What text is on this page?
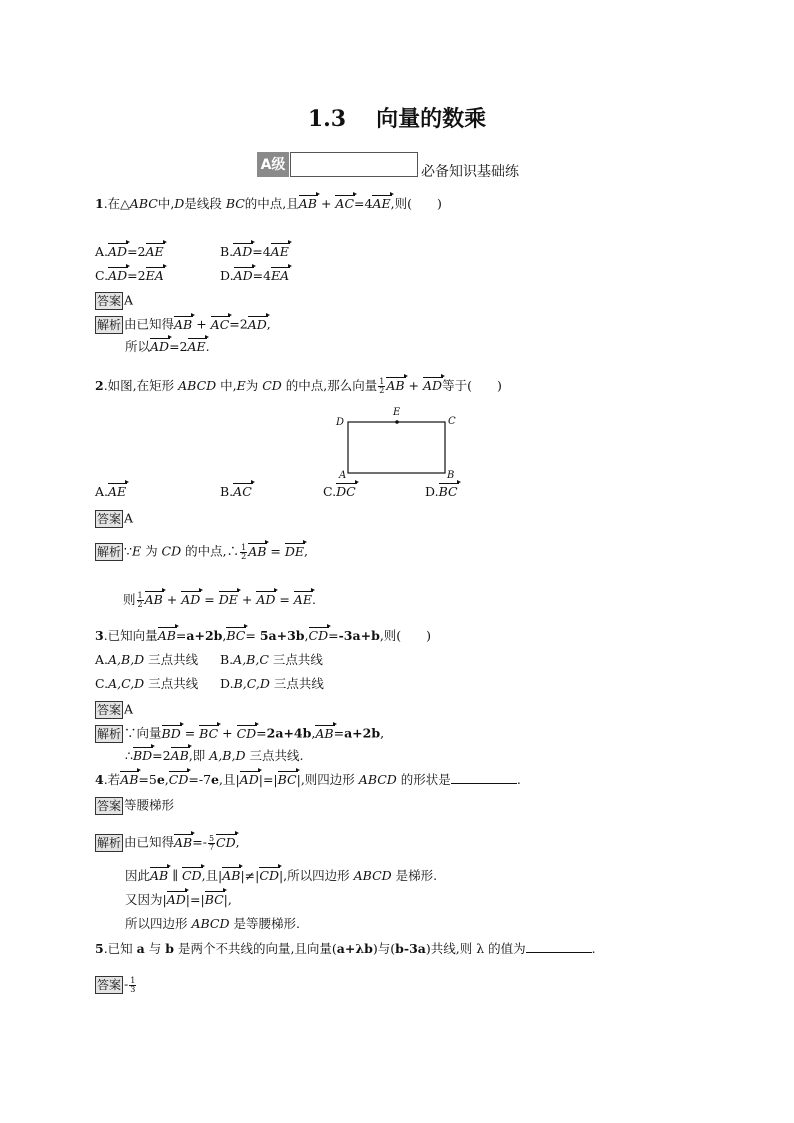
1.3 向量的数乘
A级	必备知识基础练
1.在△ABC中,D是线段 BC的中点,且AB + AC=4AE,则(　　)
A.AD=2AE	B.AD=4AE
C.AD=2EA	D.AD=4EA
答案 A
解析 由已知得AB + AC=2AD,
所以AD=2AE.
2.如图,在矩形 ABCD 中,E为 CD 的中点,那么向量 $\frac{1}{2}$ AB + AD等于(　　)
D
E
C
A	B
A.AE	B.AC	C.DC	D.BC
答案 A
解析 ∵E 为 CD 的中点,∴ $\frac{1}{2}$ AB = DE,
则 $\frac{1}{2}$ AB + AD = DE + AD = AE.
3.已知向量AB=a+2b,BC= 5a+3b,CD=-3a+b,则(　　)
A.A,B,D 三点共线 B.A,B,C 三点共线
C.A,C,D 三点共线 D.B,C,D 三点共线
答案 A
解析 ∵向量BD = BC + CD=2a+4b,AB=a+2b,
∴BD=2AB,即 A,B,D 三点共线.
4.若AB=5e,CD=-7e,且|AD|=|BC|,则四边形 ABCD 的形状是	.
答案 等腰梯形
解析 由已知得$AB=- \frac{5}{7}$ CD,
因此AB ∥ CD,且|AB|≠|CD|,所以四边形 ABCD 是梯形.
又因为|AD|=|BC|,
所以四边形 ABCD 是等腰梯形.
5.已知 a 与 b 是两个不共线的向量,且向量(a+λb)与(b-3a)共线,则 λ 的值为	.
答案 - $\frac{1}{3}$
